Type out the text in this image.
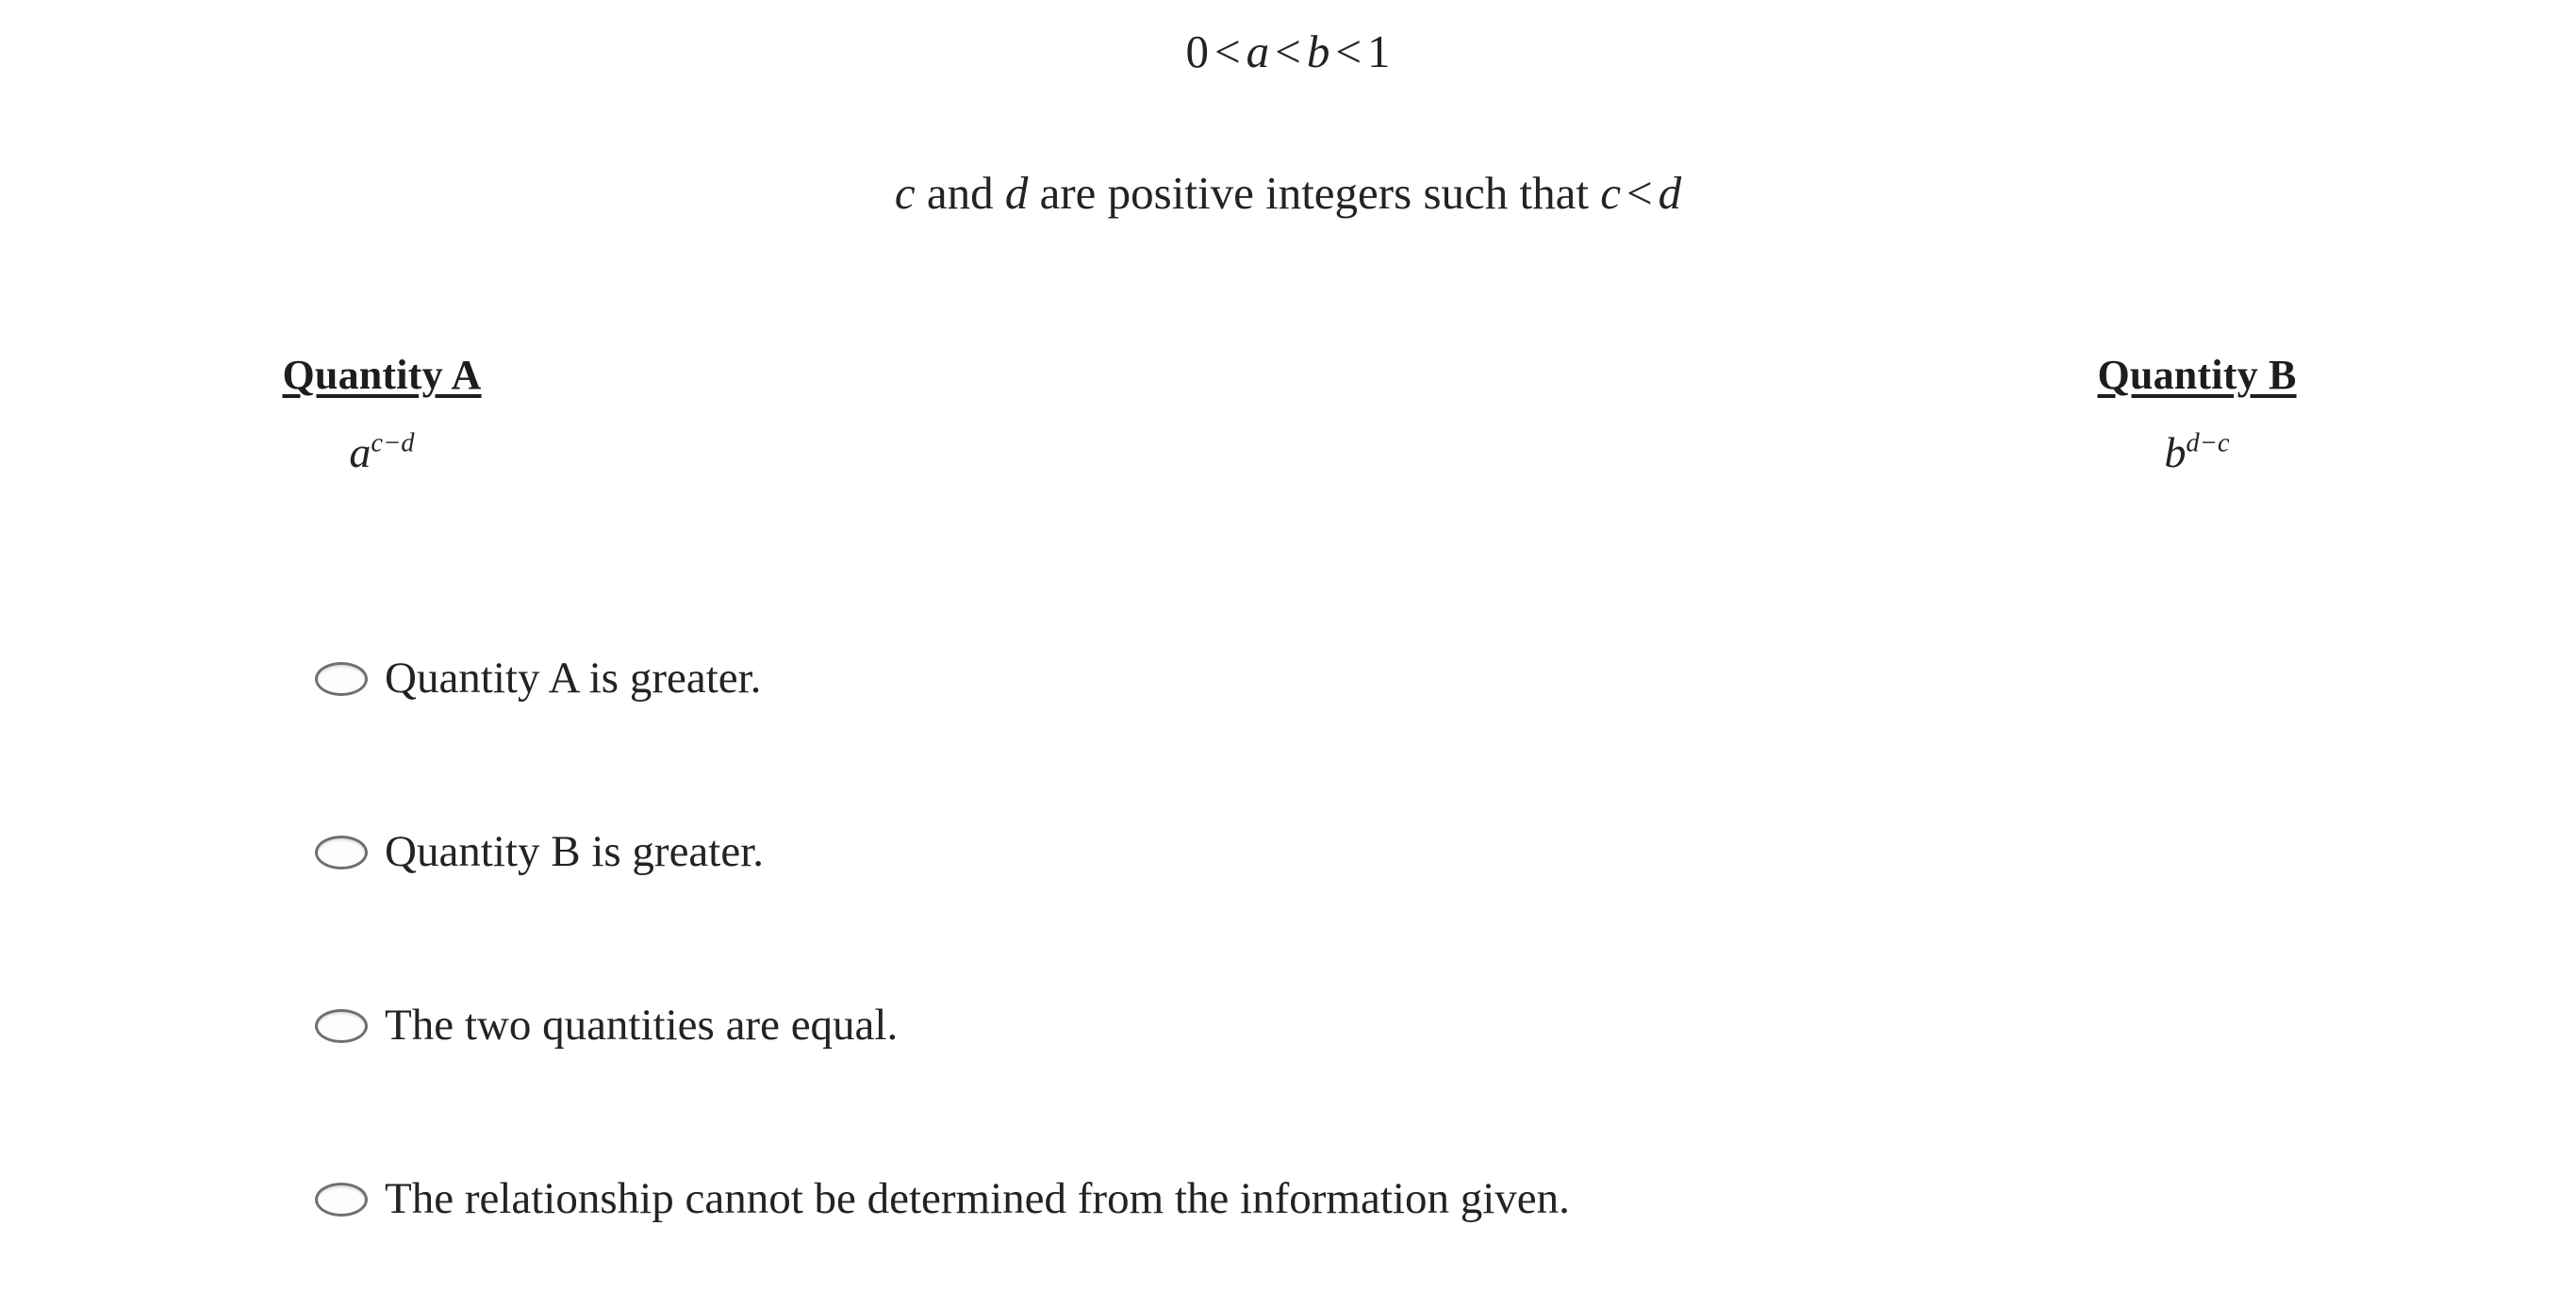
0 < a < b < 1
c and d are positive integers such that c < d
Quantity A
$a^{c-d}$
Quantity B
$b^{d-c}$
Quantity A is greater.
Quantity B is greater.
The two quantities are equal.
The relationship cannot be determined from the information given.
